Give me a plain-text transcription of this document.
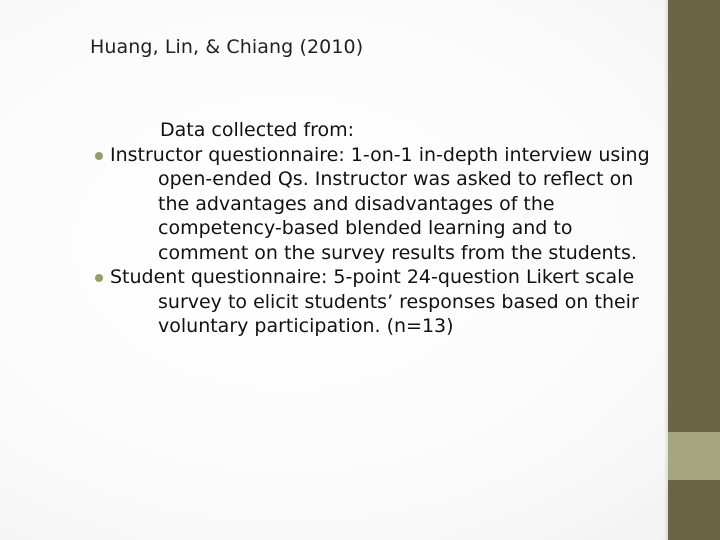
Huang, Lin, & Chiang (2010)

Data collected from:

Instructor questionnaire: 1-on-1 in-depth interview using open-ended Qs. Instructor was asked to reflect on the advantages and disadvantages of the competency-based blended learning and to comment on the survey results from the students.
Student questionnaire: 5-point 24-question Likert scale survey to elicit students’ responses based on their voluntary participation. (n=13)
